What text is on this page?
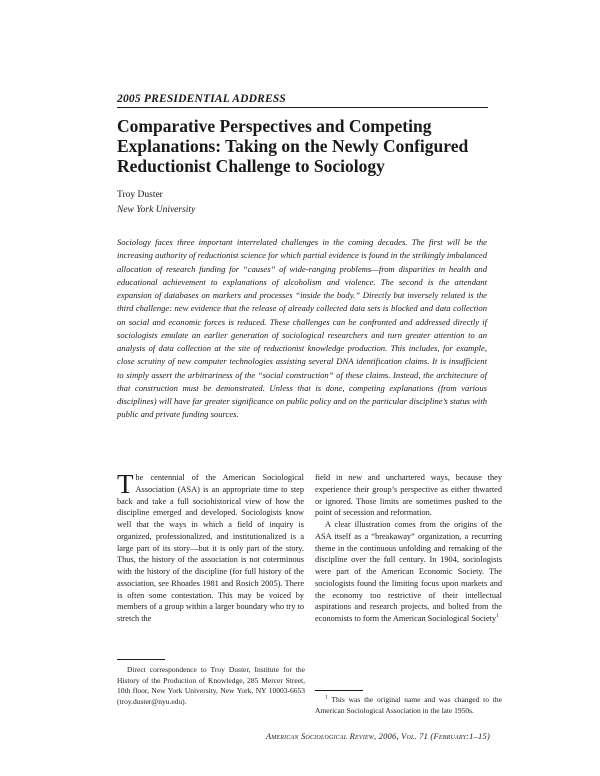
2005 PRESIDENTIAL ADDRESS
Comparative Perspectives and Competing Explanations: Taking on the Newly Configured Reductionist Challenge to Sociology
Troy Duster
New York University

Sociology faces three important interrelated challenges in the coming decades. The first will be the increasing authority of reductionist science for which partial evidence is found in the strikingly imbalanced allocation of research funding for “causes” of wide-ranging problems—from disparities in health and educational achievement to explanations of alcoholism and violence. The second is the attendant expansion of databases on markers and processes “inside the body.” Directly but inversely related is the third challenge: new evidence that the release of already collected data sets is blocked and data collection on social and economic forces is reduced. These challenges can be confronted and addressed directly if sociologists emulate an earlier generation of sociological researchers and turn greater attention to an analysis of data collection at the site of reductionist knowledge production. This includes, for example, close scrutiny of new computer technologies assisting several DNA identification claims. It is insufficient to simply assert the arbitrariness of the “social construction” of these claims. Instead, the architecture of that construction must be demonstrated. Unless that is done, competing explanations (from various disciplines) will have far greater significance on public policy and on the particular discipline’s status with public and private funding sources.

The centennial of the American Sociological Association (ASA) is an appropriate time to step back and take a full sociohistorical view of how the discipline emerged and developed. Sociologists know well that the ways in which a field of inquiry is organized, professionalized, and institutionalized is a large part of its story—but it is only part of the story. Thus, the history of the association is not coterminous with the history of the discipline (for full history of the association, see Rhoades 1981 and Rosich 2005). There is often some contestation. This may be voiced by members of a group within a larger boundary who try to stretch the

field in new and unchartered ways, because they experience their group’s perspective as either thwarted or ignored. Those limits are sometimes pushed to the point of secession and reformation.

A clear illustration comes from the origins of the ASA itself as a “breakaway” organization, a recurring theme in the continuous unfolding and remaking of the discipline over the full century. In 1904, sociologists were part of the American Economic Society. The sociologists found the limiting focus upon markets and the economy too restrictive of their intellectual aspirations and research projects, and bolted from the economists to form the American Sociological Society$^1$

Direct correspondence to Troy Duster, Institute for the History of the Production of Knowledge, 285 Mercer Street, 10th floor, New York University, New York, NY 10003-6653 (troy.duster@nyu.edu).	$^1$ This was the original name and was changed to the American Sociological Association in the late 1950s.

American Sociological Review, 2006, Vol. 71 (February:1–15)
